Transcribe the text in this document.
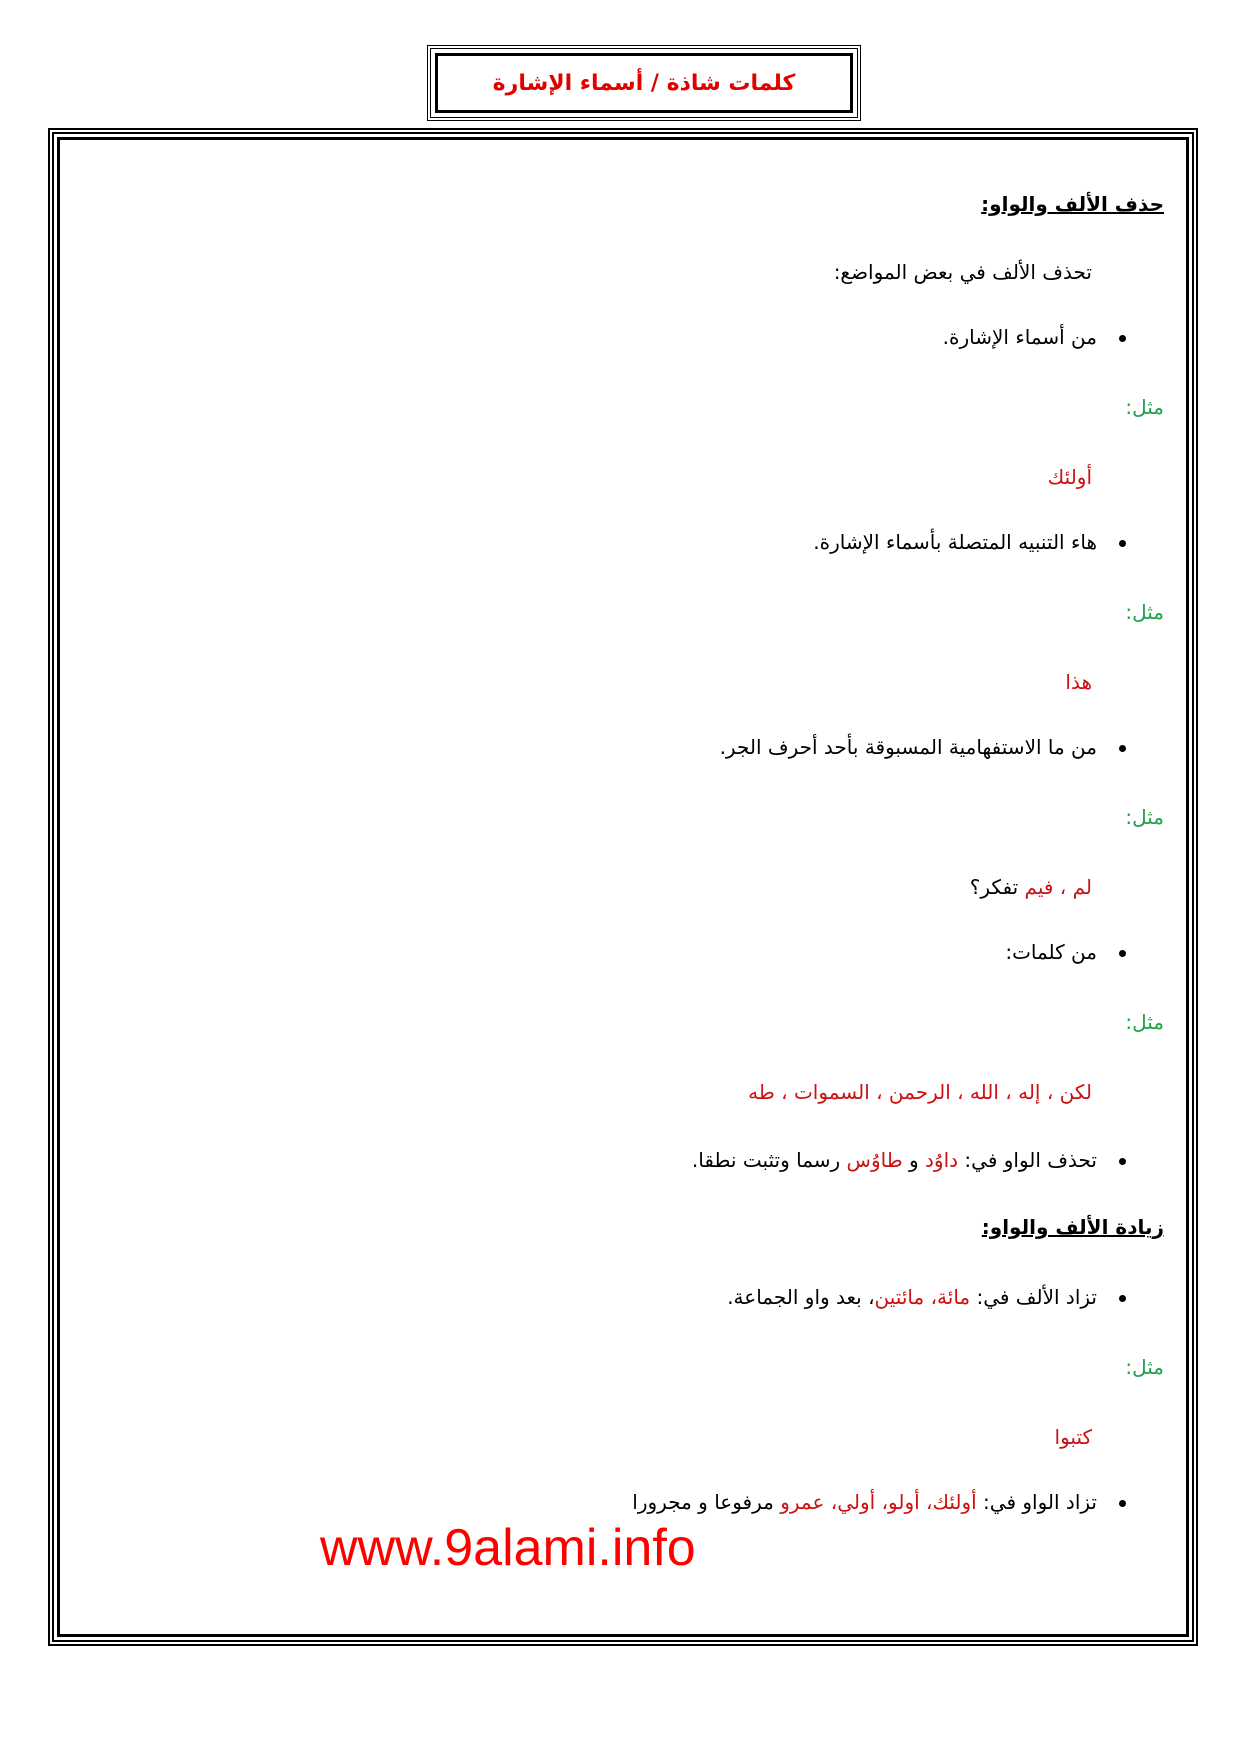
كلمات شاذة / أسماء الإشارة
حذف الألف والواو:
تحذف الألف في بعض المواضع:
من أسماء الإشارة.
مثل:
أولئك
هاء التنبيه المتصلة بأسماء الإشارة.
مثل:
هذا
من ما الاستفهامية المسبوقة بأحد أحرف الجر.
مثل:
لم ، فيم تفكر؟
من كلمات:
مثل:
لكن ، إله ، الله ، الرحمن ، السموات ، طه
تحذف الواو في: داوُد و طاوُس رسما وتثبت نطقا.
زيادة الألف والواو:
تزاد الألف في: مائة، مائتين، بعد واو الجماعة.
مثل:
كتبوا
تزاد الواو في: أولئك، أولو، أولي، عمرو مرفوعا و مجرورا
www.9alami.info
